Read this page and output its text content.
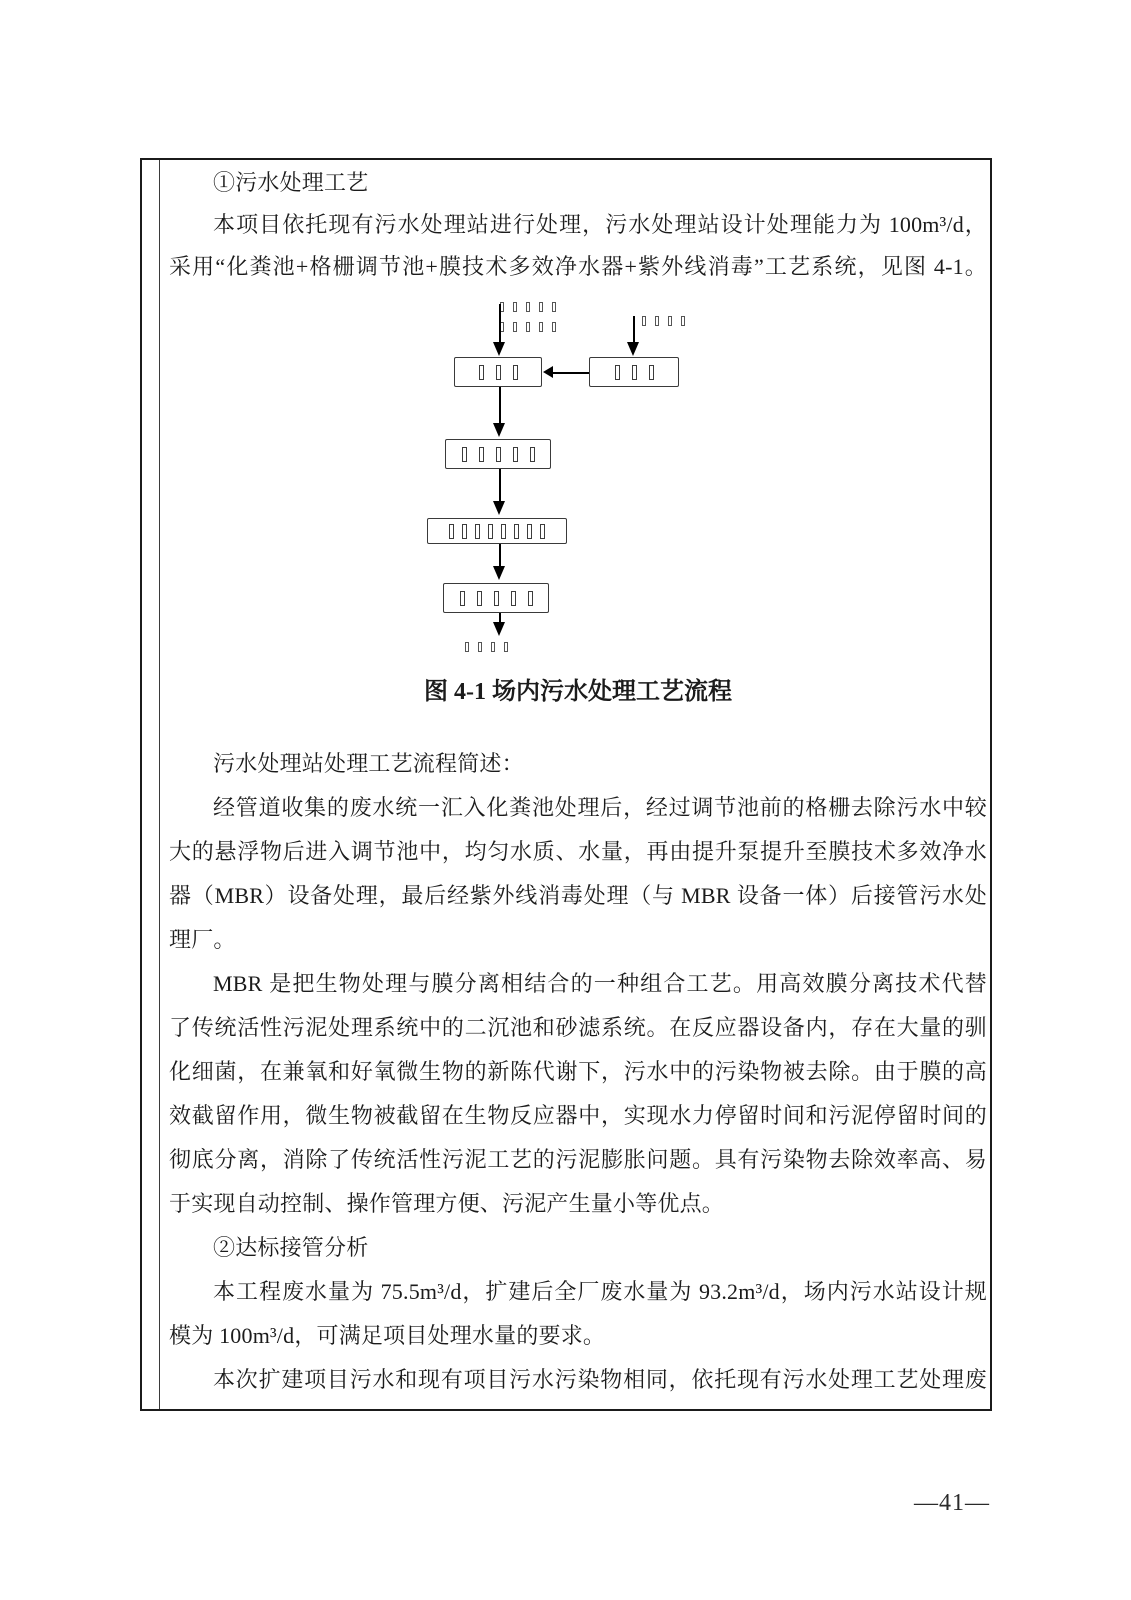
①污水处理工艺
本项目依托现有污水处理站进行处理，污水处理站设计处理能力为 100m³/d，
采用“化粪池+格栅调节池+膜技术多效净水器+紫外线消毒”工艺系统，见图 4-1。
图 4-1 场内污水处理工艺流程
污水处理站处理工艺流程简述：
经管道收集的废水统一汇入化粪池处理后，经过调节池前的格栅去除污水中较
大的悬浮物后进入调节池中，均匀水质、水量，再由提升泵提升至膜技术多效净水
器（MBR）设备处理，最后经紫外线消毒处理（与 MBR 设备一体）后接管污水处
理厂。
MBR 是把生物处理与膜分离相结合的一种组合工艺。用高效膜分离技术代替
了传统活性污泥处理系统中的二沉池和砂滤系统。在反应器设备内，存在大量的驯
化细菌，在兼氧和好氧微生物的新陈代谢下，污水中的污染物被去除。由于膜的高
效截留作用，微生物被截留在生物反应器中，实现水力停留时间和污泥停留时间的
彻底分离，消除了传统活性污泥工艺的污泥膨胀问题。具有污染物去除效率高、易
于实现自动控制、操作管理方便、污泥产生量小等优点。
②达标接管分析
本工程废水量为 75.5m³/d，扩建后全厂废水量为 93.2m³/d，场内污水站设计规
模为 100m³/d，可满足项目处理水量的要求。
本次扩建项目污水和现有项目污水污染物相同，依托现有污水处理工艺处理废
—41—
